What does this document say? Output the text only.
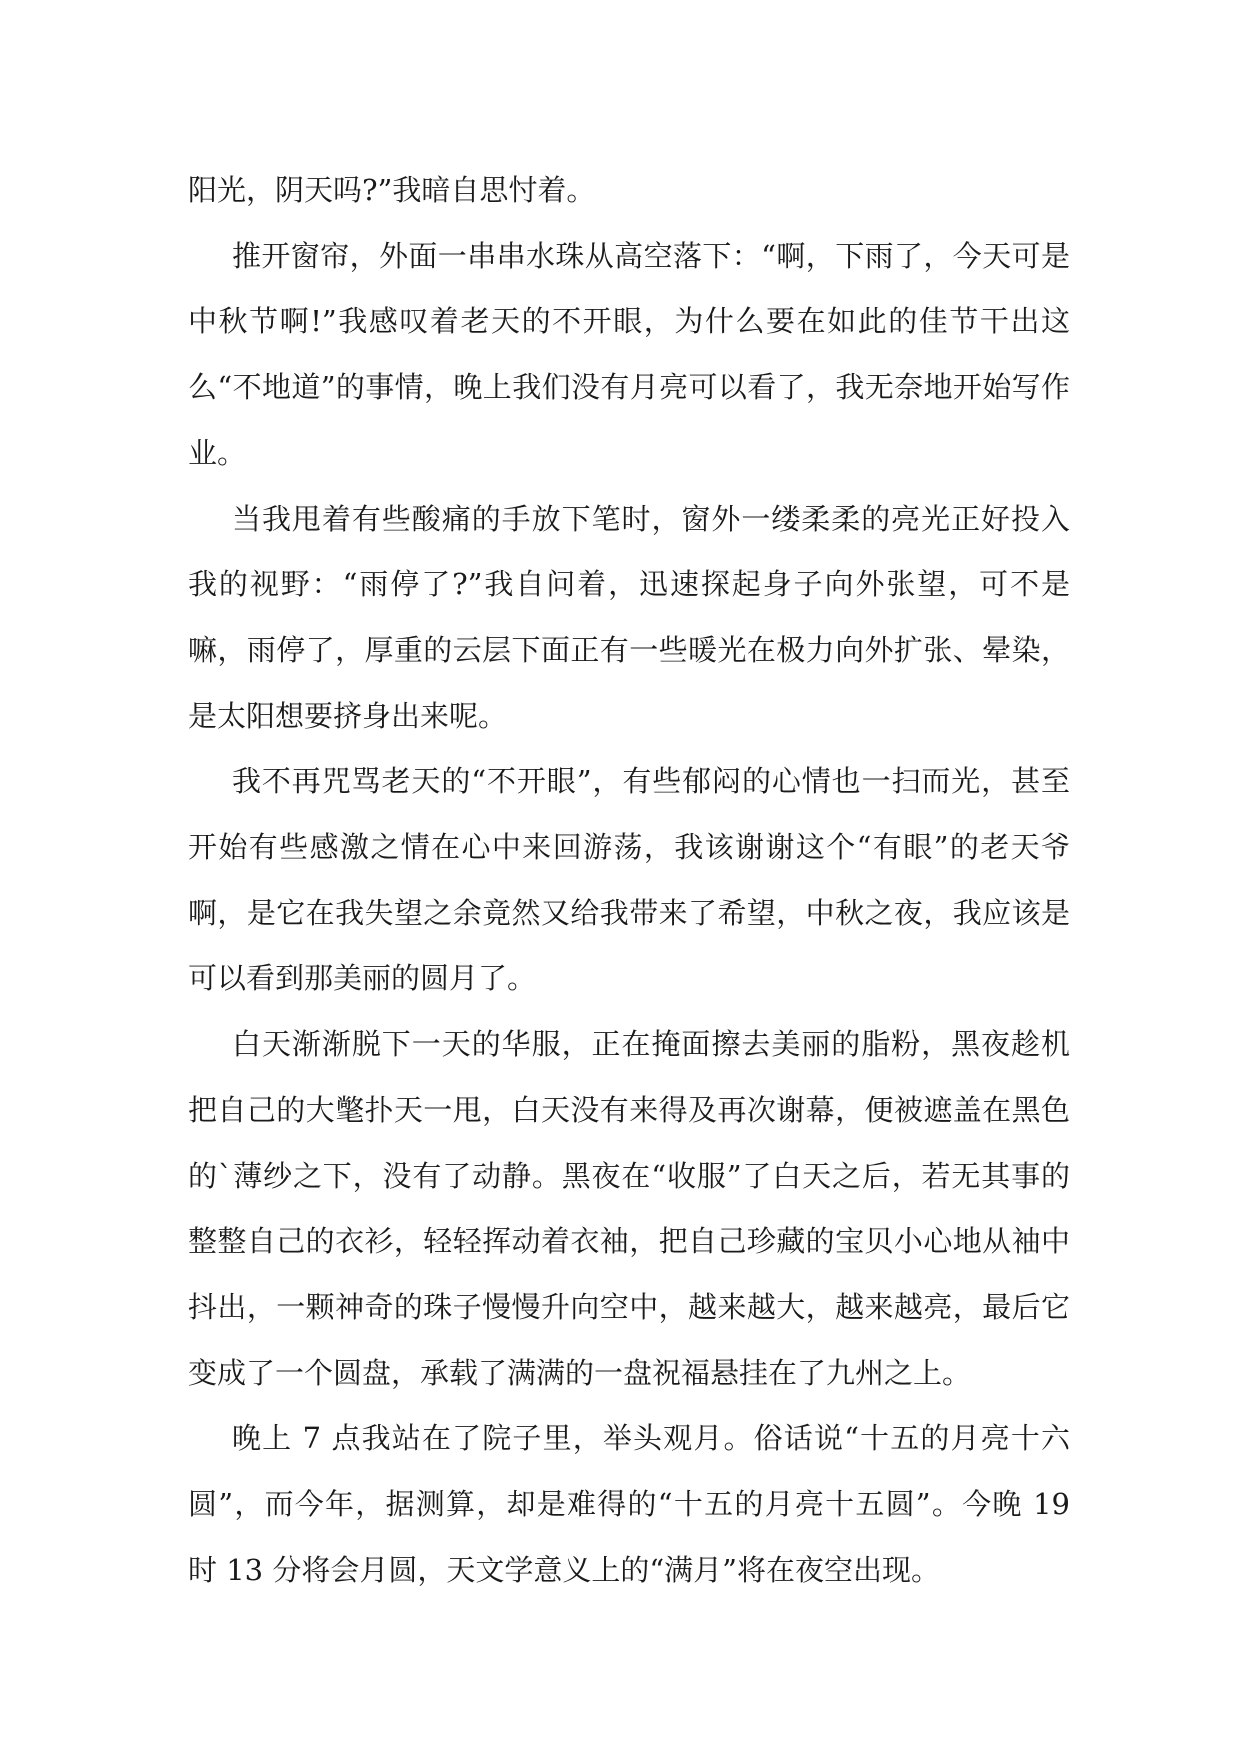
阳光，阴天吗?”我暗自思忖着。

推开窗帘，外面一串串水珠从高空落下：“啊，下雨了，今天可是中秋节啊!”我感叹着老天的不开眼，为什么要在如此的佳节干出这么“不地道”的事情，晚上我们没有月亮可以看了，我无奈地开始写作业。

当我甩着有些酸痛的手放下笔时，窗外一缕柔柔的亮光正好投入我的视野：“雨停了?”我自问着，迅速探起身子向外张望，可不是嘛，雨停了，厚重的云层下面正有一些暖光在极力向外扩张、晕染，是太阳想要挤身出来呢。

我不再咒骂老天的“不开眼”，有些郁闷的心情也一扫而光，甚至开始有些感激之情在心中来回游荡，我该谢谢这个“有眼”的老天爷啊，是它在我失望之余竟然又给我带来了希望，中秋之夜，我应该是可以看到那美丽的圆月了。

白天渐渐脱下一天的华服，正在掩面擦去美丽的脂粉，黑夜趁机把自己的大氅扑天一甩，白天没有来得及再次谢幕，便被遮盖在黑色的`薄纱之下，没有了动静。黑夜在“收服”了白天之后，若无其事的整整自己的衣衫，轻轻挥动着衣袖，把自己珍藏的宝贝小心地从袖中抖出，一颗神奇的珠子慢慢升向空中，越来越大，越来越亮，最后它变成了一个圆盘，承载了满满的一盘祝福悬挂在了九州之上。

晚上 7 点我站在了院子里，举头观月。俗话说“十五的月亮十六圆”，而今年，据测算，却是难得的“十五的月亮十五圆”。今晚 19 时 13 分将会月圆，天文学意义上的“满月”将在夜空出现。
